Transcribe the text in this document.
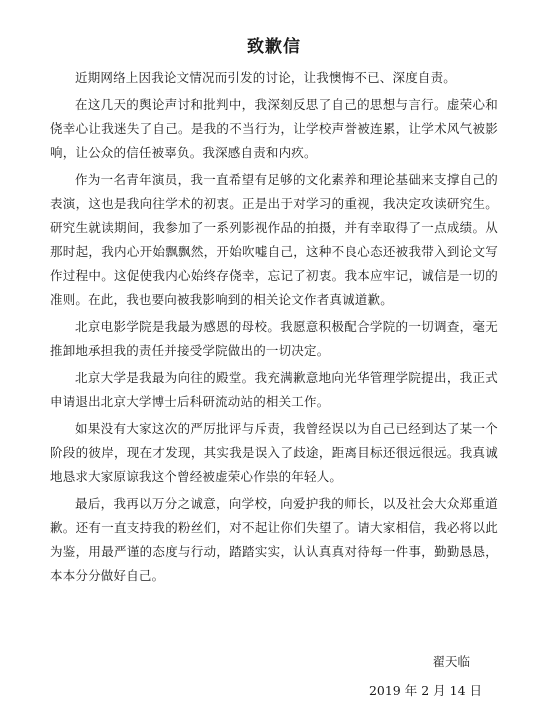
致歉信

近期网络上因我论文情况而引发的讨论，让我懊悔不已、深度自责。

在这几天的舆论声讨和批判中，我深刻反思了自己的思想与言行。虚荣心和侥幸心让我迷失了自己。是我的不当行为，让学校声誉被连累，让学术风气被影响，让公众的信任被辜负。我深感自责和内疚。

作为一名青年演员，我一直希望有足够的文化素养和理论基础来支撑自己的表演，这也是我向往学术的初衷。正是出于对学习的重视，我决定攻读研究生。研究生就读期间，我参加了一系列影视作品的拍摄，并有幸取得了一点成绩。从那时起，我内心开始飘飘然，开始吹嘘自己，这种不良心态还被我带入到论文写作过程中。这促使我内心始终存侥幸，忘记了初衷。我本应牢记，诚信是一切的准则。在此，我也要向被我影响到的相关论文作者真诚道歉。

北京电影学院是我最为感恩的母校。我愿意积极配合学院的一切调查，毫无推卸地承担我的责任并接受学院做出的一切决定。

北京大学是我最为向往的殿堂。我充满歉意地向光华管理学院提出，我正式申请退出北京大学博士后科研流动站的相关工作。

如果没有大家这次的严厉批评与斥责，我曾经误以为自己已经到达了某一个阶段的彼岸，现在才发现，其实我是误入了歧途，距离目标还很远很远。我真诚地恳求大家原谅我这个曾经被虚荣心作祟的年轻人。

最后，我再以万分之诚意，向学校，向爱护我的师长，以及社会大众郑重道歉。还有一直支持我的粉丝们，对不起让你们失望了。请大家相信，我必将以此为鉴，用最严谨的态度与行动，踏踏实实，认认真真对待每一件事，勤勤恳恳，本本分分做好自己。

翟天临
2019 年 2 月 14 日
